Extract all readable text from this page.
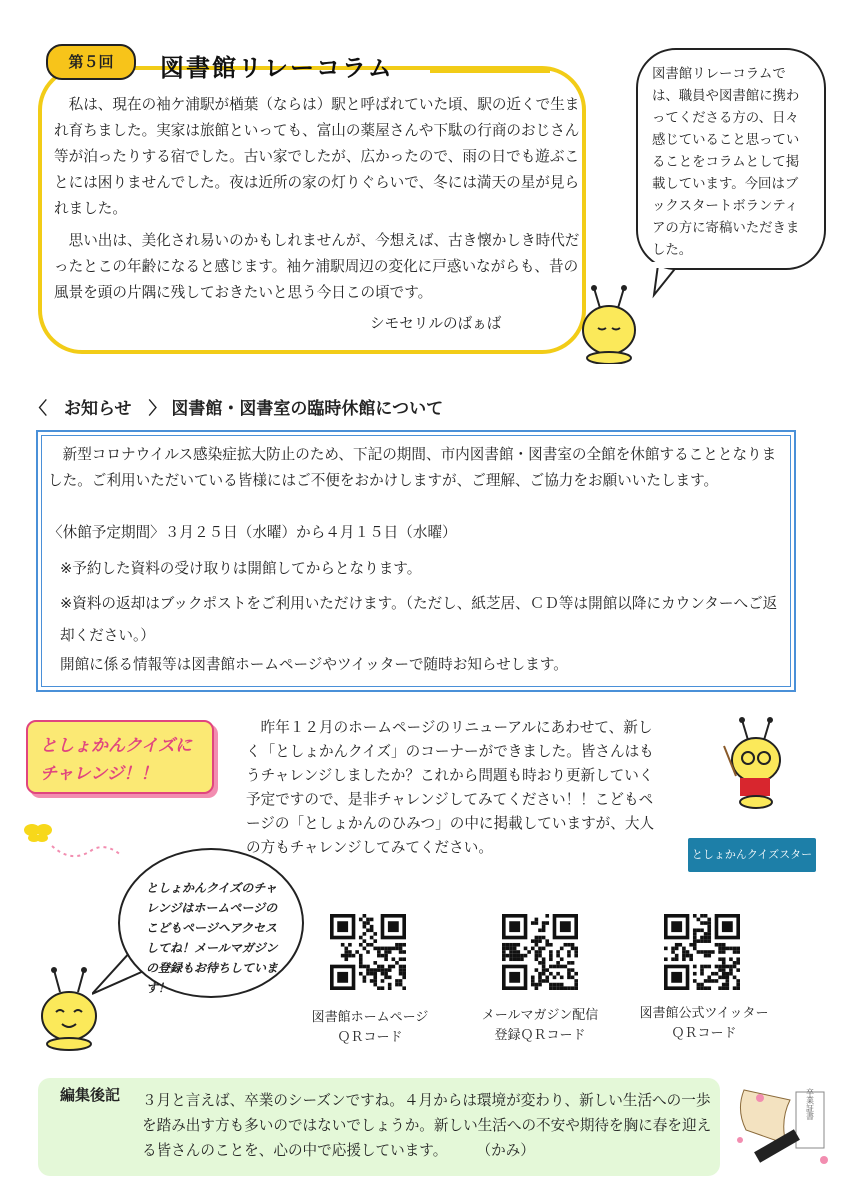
第５回	図書館リレーコラム

私は、現在の袖ケ浦駅が楢葉（ならは）駅と呼ばれていた頃、駅の近くで生まれ育ちました。実家は旅館といっても、富山の薬屋さんや下駄の行商のおじさん等が泊ったりする宿でした。古い家でしたが、広かったので、雨の日でも遊ぶことには困りませんでした。夜は近所の家の灯りぐらいで、冬には満天の星が見られました。

思い出は、美化され易いのかもしれませんが、今想えば、古き懐かしき時代だったとこの年齢になると感じます。袖ケ浦駅周辺の変化に戸惑いながらも、昔の風景を頭の片隅に残しておきたいと思う今日この頃です。

シモセリルのばぁば
図書館リレーコラムでは、職員や図書館に携わってくださる方の、日々感じていること思っていることをコラムとして掲載しています。今回はブックスタートボランティアの方に寄稿いただきました。
〈　お知らせ　〉 図書館・図書室の臨時休館について
新型コロナウイルス感染症拡大防止のため、下記の期間、市内図書館・図書室の全館を休館することとなりました。ご利用いただいている皆様にはご不便をおかけしますが、ご理解、ご協力をお願いいたします。
〈休館予定期間〉３月２５日（水曜）から４月１５日（水曜）
※予約した資料の受け取りは開館してからとなります。
※資料の返却はブックポストをご利用いただけます。（ただし、紙芝居、ＣＤ等は開館以降にカウンターへご返却ください。）
開館に係る情報等は図書館ホームページやツイッターで随時お知らせします。
としょかんクイズに
チャレンジ！！
昨年１２月のホームページのリニューアルにあわせて、新しく「としょかんクイズ」のコーナーができました。皆さんはもうチャレンジしましたか？これから問題も時おり更新していく予定ですので、是非チャレンジしてみてください！！こどもページの「としょかんのひみつ」の中に掲載していますが、大人の方もチャレンジしてみてください。	としょかんクイズスタート
としょかんクイズのチャレンジはホームページのこどもページへアクセスしてね！メールマガジンの登録もお待ちしています！
図書館ホームページ
ＱＲコード
メールマガジン配信
登録ＱＲコード
図書館公式ツイッター
ＱＲコード
編集後記 ３月と言えば、卒業のシーズンですね。４月からは環境が変わり、新しい生活への一歩を踏み出す方も多いのではないでしょうか。新しい生活への不安や期待を胸に春を迎える皆さんのことを、心の中で応援しています。　　　（かみ）
卒業証書
